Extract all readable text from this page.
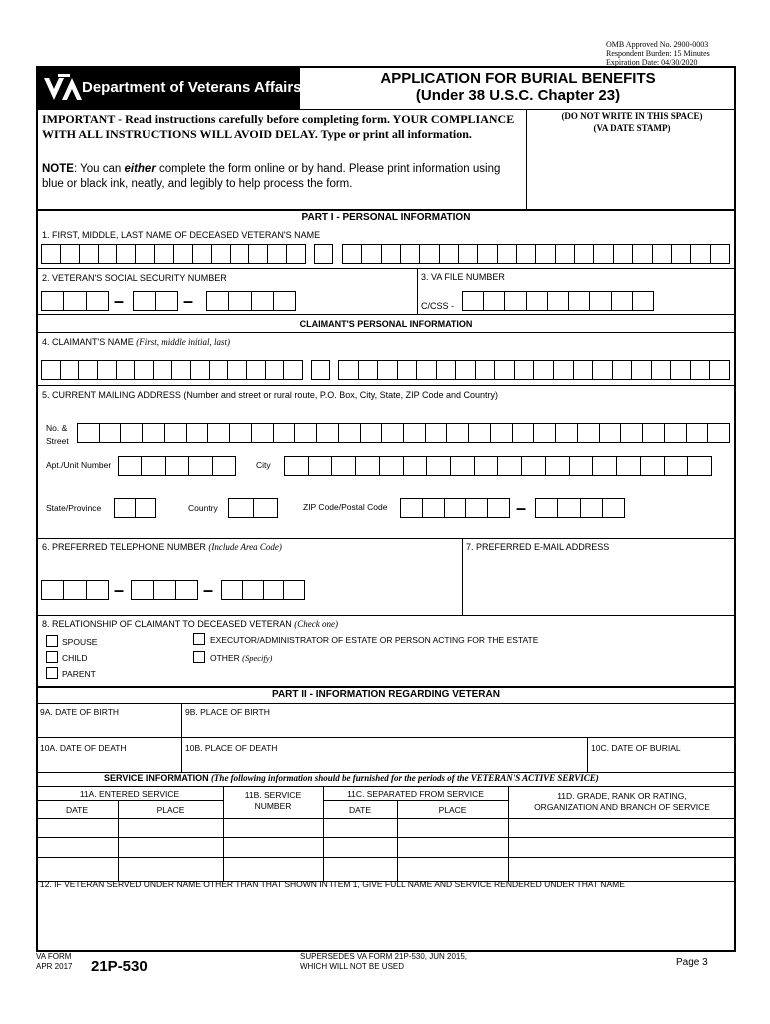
OMB Approved No. 2900-0003
Respondent Burden: 15 Minutes
Expiration Date: 04/30/2020
Department of Veterans Affairs
APPLICATION FOR BURIAL BENEFITS
(Under 38 U.S.C. Chapter 23)
IMPORTANT - Read instructions carefully before completing form. YOUR COMPLIANCE WITH ALL INSTRUCTIONS WILL AVOID DELAY. Type or print all information.
NOTE: You can either complete the form online or by hand. Please print information using blue or black ink, neatly, and legibly to help process the form.
(DO NOT WRITE IN THIS SPACE)
(VA DATE STAMP)
PART I - PERSONAL INFORMATION
1. FIRST, MIDDLE, LAST NAME OF DECEASED VETERAN'S NAME
2. VETERAN'S SOCIAL SECURITY NUMBER	3. VA FILE NUMBER
–	–	C/CSS -
CLAIMANT'S PERSONAL INFORMATION
4. CLAIMANT'S NAME (First, middle initial, last)
5. CURRENT MAILING ADDRESS (Number and street or rural route, P.O. Box, City, State, ZIP Code and Country)
No. &
Street
Apt./Unit Number	City
State/Province	Country	ZIP Code/Postal Code	–
6. PREFERRED TELEPHONE NUMBER (Include Area Code)	7. PREFERRED E-MAIL ADDRESS
–	–
8. RELATIONSHIP OF CLAIMANT TO DECEASED VETERAN (Check one)
SPOUSE
CHILD
PARENT
EXECUTOR/ADMINISTRATOR OF ESTATE OR PERSON ACTING FOR THE ESTATE
OTHER (Specify)
PART II - INFORMATION REGARDING VETERAN
9A. DATE OF BIRTH	9B. PLACE OF BIRTH
10A. DATE OF DEATH	10B. PLACE OF DEATH	10C. DATE OF BURIAL
SERVICE INFORMATION (The following information should be furnished for the periods of the VETERAN'S ACTIVE SERVICE)
11A. ENTERED SERVICE
DATE	PLACE
11B. SERVICE
NUMBER
11C. SEPARATED FROM SERVICE
DATE	PLACE
11D. GRADE, RANK OR RATING,
ORGANIZATION AND BRANCH OF SERVICE
12. IF VETERAN SERVED UNDER NAME OTHER THAN THAT SHOWN IN ITEM 1, GIVE FULL NAME AND SERVICE RENDERED UNDER THAT NAME
VA FORM
APR 2017 21P-530
SUPERSEDES VA FORM 21P-530, JUN 2015,
WHICH WILL NOT BE USED	Page 3
